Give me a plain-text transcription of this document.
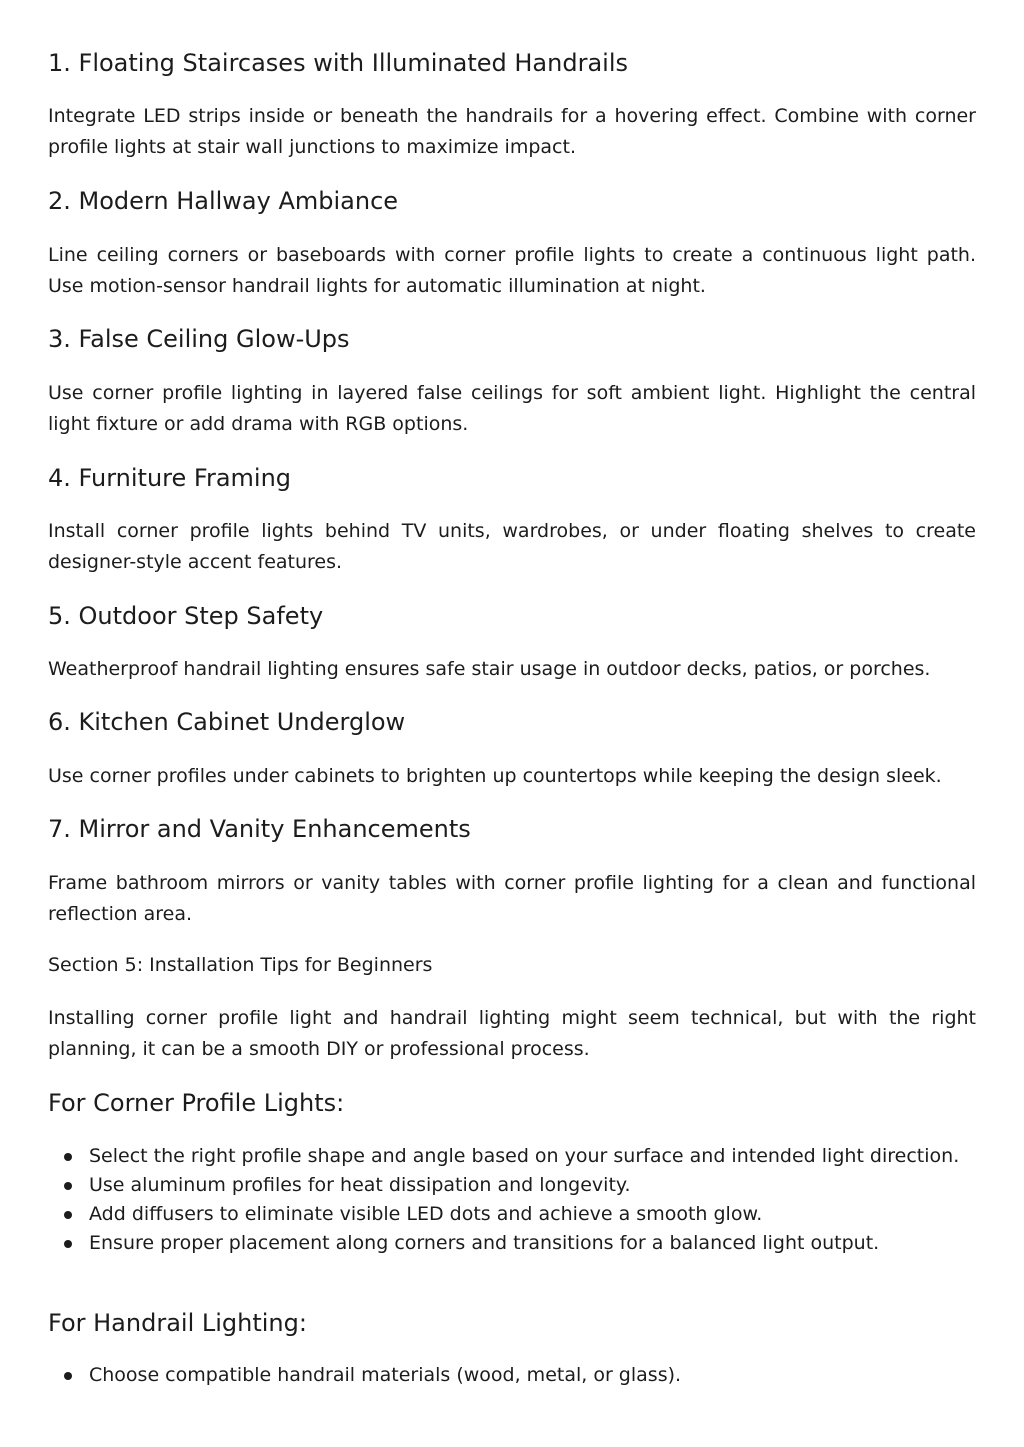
1. Floating Staircases with Illuminated Handrails

Integrate LED strips inside or beneath the handrails for a hovering effect. Combine with corner profile lights at stair wall junctions to maximize impact.

2. Modern Hallway Ambiance

Line ceiling corners or baseboards with corner profile lights to create a continuous light path. Use motion-sensor handrail lights for automatic illumination at night.

3. False Ceiling Glow-Ups

Use corner profile lighting in layered false ceilings for soft ambient light. Highlight the central light fixture or add drama with RGB options.

4. Furniture Framing

Install corner profile lights behind TV units, wardrobes, or under floating shelves to create designer-style accent features.

5. Outdoor Step Safety

Weatherproof handrail lighting ensures safe stair usage in outdoor decks, patios, or porches.

6. Kitchen Cabinet Underglow

Use corner profiles under cabinets to brighten up countertops while keeping the design sleek.

7. Mirror and Vanity Enhancements

Frame bathroom mirrors or vanity tables with corner profile lighting for a clean and functional reflection area.

Section 5: Installation Tips for Beginners

Installing corner profile light and handrail lighting might seem technical, but with the right planning, it can be a smooth DIY or professional process.

For Corner Profile Lights:
Select the right profile shape and angle based on your surface and intended light direction.
Use aluminum profiles for heat dissipation and longevity.
Add diffusers to eliminate visible LED dots and achieve a smooth glow.
Ensure proper placement along corners and transitions for a balanced light output.
For Handrail Lighting:
Choose compatible handrail materials (wood, metal, or glass).
